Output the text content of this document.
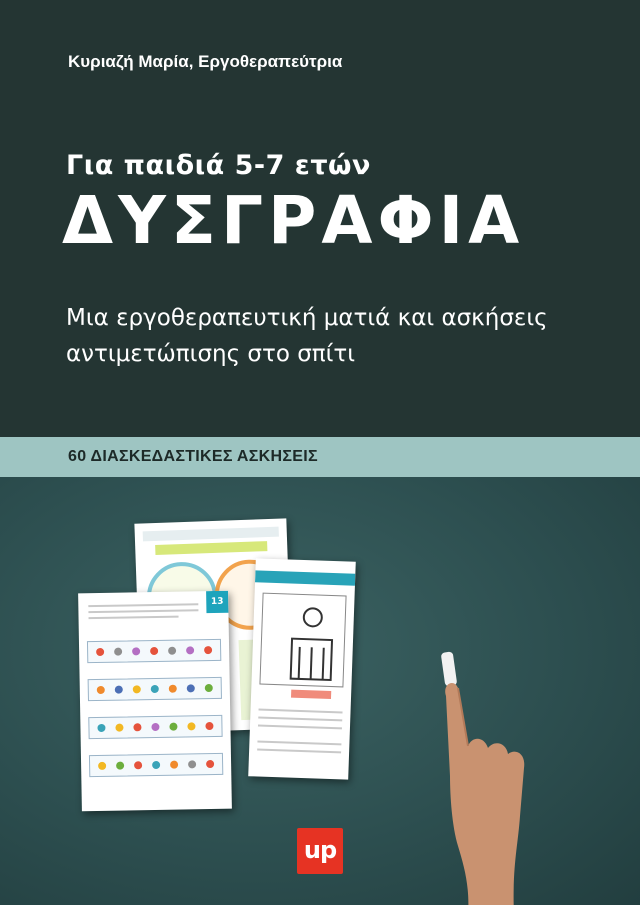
Κυριαζή Μαρία, Εργοθεραπεύτρια
Για παιδιά 5-7 ετών
ΔΥΣΓΡΑΦΙΑ
Μια εργοθεραπευτική ματιά και ασκήσεις αντιμετώπισης στο σπίτι
60 ΔΙΑΣΚΕΔΑΣΤΙΚΕΣ ΑΣΚΗΣΕΙΣ
13
up
